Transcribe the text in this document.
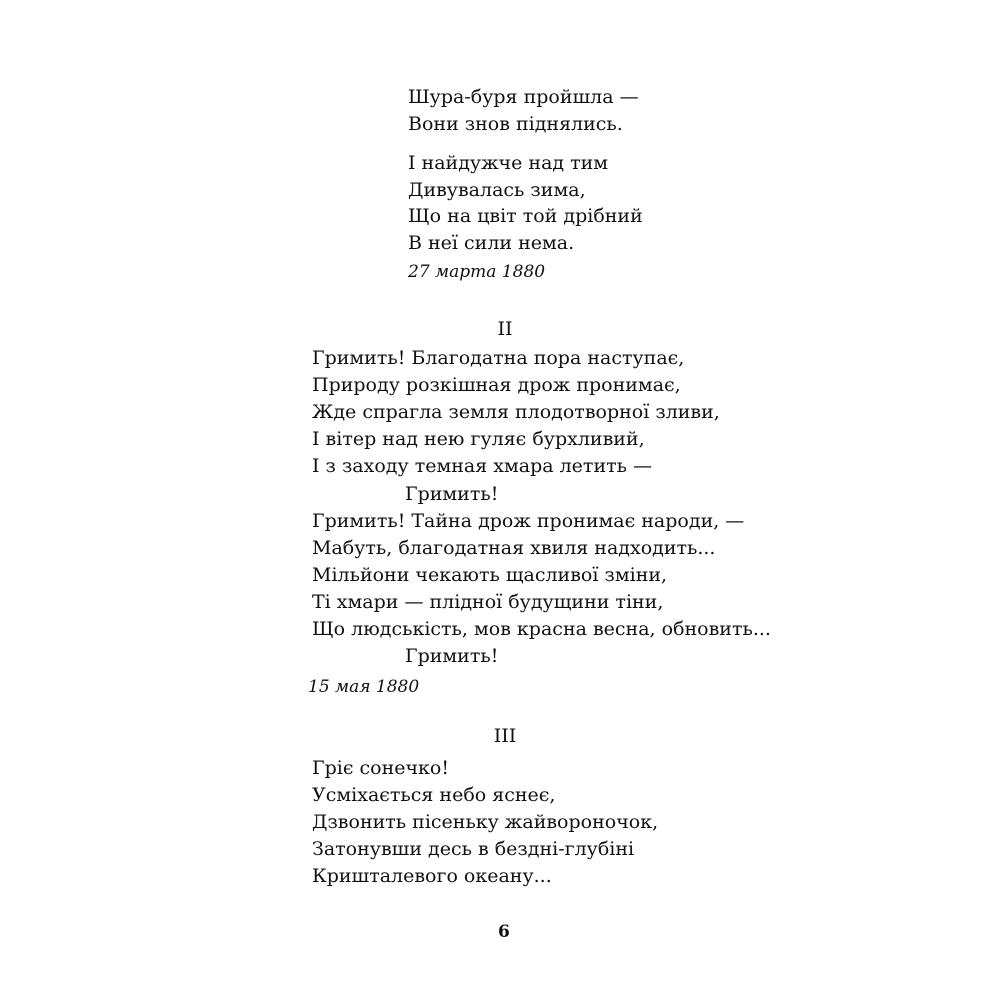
Шура-буря пройшла —
Вони знов піднялись.
І найдужче над тим
Дивувалась зима,
Що на цвіт той дрібний
В неї сили нема.
27 марта 1880
II
Гримить! Благодатна пора наступає,
Природу розкішная дрож пронимає,
Жде спрагла земля плодотворної зливи,
І вітер над нею гуляє бурхливий,
І з заходу темная хмара летить —
Гримить!
Гримить! Тайна дрож пронимає народи, —
Мабуть, благодатная хвиля надходить...
Мільйони чекають щасливої зміни,
Ті хмари — плідної будущини тіни,
Що людськість, мов красна весна, обновить...
Гримить!
15 мая 1880
III
Гріє сонечко!
Усміхається небо яснеє,
Дзвонить пісеньку жайвороночок,
Затонувши десь в безднi-глубіні
Кришталевого океану...
6
